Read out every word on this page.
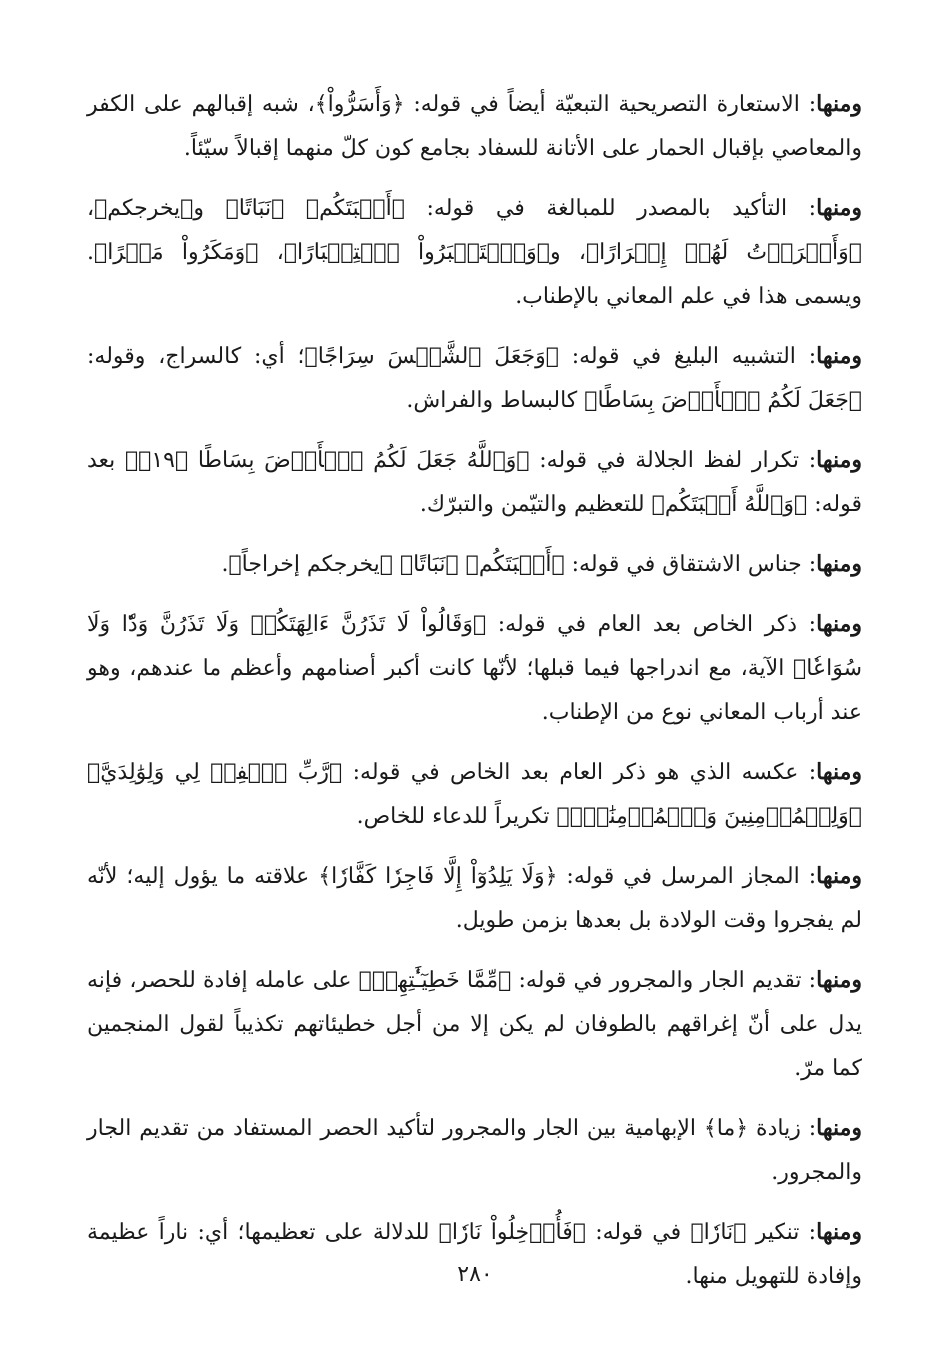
ومنها: الاستعارة التصريحية التبعيّة أيضاً في قوله: ﴿وَأَسَرُّواْ﴾، شبه إقبالهم على الكفر والمعاصي بإقبال الحمار على الأتانة للسفاد بجامع كون كلّ منهما إقبالاً سيّئاً.

ومنها: التأكيد بالمصدر للمبالغة في قوله: ﴿أَنۢبَتَكُم﴾ ﴿نَبَاتًا﴾ و﴿يخرجكم﴾، ﴿وَأَسۡرَرۡتُ لَهُمۡ إِسۡرَارًا﴾، و﴿وَٱسۡتَكۡبَرُواْ ٱسۡتِكۡبَارًا﴾، ﴿وَمَكَرُواْ مَكۡرًا﴾. ويسمى هذا في علم المعاني بالإطناب.

ومنها: التشبيه البليغ في قوله: ﴿وَجَعَلَ ٱلشَّمۡسَ سِرَاجًا﴾؛ أي: كالسراج، وقوله: ﴿جَعَلَ لَكُمُ ٱلۡأَرۡضَ بِسَاطًا﴾ كالبساط والفراش.

ومنها: تكرار لفظ الجلالة في قوله: ﴿وَٱللَّهُ جَعَلَ لَكُمُ ٱلۡأَرۡضَ بِسَاطًا ﴿١٩﴾﴾ بعد قوله: ﴿وَٱللَّهُ أَنۢبَتَكُم﴾ للتعظيم والتيّمن والتبرّك.

ومنها: جناس الاشتقاق في قوله: ﴿أَنۢبَتَكُم﴾ ﴿نَبَاتًا﴾ ﴿يخرجكم إخراجاً﴾.

ومنها: ذكر الخاص بعد العام في قوله: ﴿وَقَالُواْ لَا تَذَرُنَّ ءَالِهَتَكُمۡ وَلَا تَذَرُنَّ وَدّٗا وَلَا سُوَاعٗا﴾ الآية، مع اندراجها فيما قبلها؛ لأنّها كانت أكبر أصنامهم وأعظم ما عندهم، وهو عند أرباب المعاني نوع من الإطناب.

ومنها: عكسه الذي هو ذكر العام بعد الخاص في قوله: ﴿رَّبِّ ٱغۡفِرۡ لِي وَلِوَٰلِدَيَّ﴾ ﴿وَلِلۡمُؤۡمِنِينَ وَٱلۡمُؤۡمِنَٰتِۖ﴾ تكريراً للدعاء للخاص.

ومنها: المجاز المرسل في قوله: ﴿وَلَا يَلِدُوٓاْ إِلَّا فَاجِرٗا كَفَّارٗا﴾ علاقته ما يؤول إليه؛ لأنّه لم يفجروا وقت الولادة بل بعدها بزمن طويل.

ومنها: تقديم الجار والمجرور في قوله: ﴿مِّمَّا خَطِيٓـَٰٔتِهِمۡ﴾ على عامله إفادة للحصر، فإنه يدل على أنّ إغراقهم بالطوفان لم يكن إلا من أجل خطيئاتهم تكذيباً لقول المنجمين كما مرّ.

ومنها: زيادة ﴿ما﴾ الإبهامية بين الجار والمجرور لتأكيد الحصر المستفاد من تقديم الجار والمجرور.

ومنها: تنكير ﴿نَارٗا﴾ في قوله: ﴿فَأُدۡخِلُواْ نَارٗا﴾ للدلالة على تعظيمها؛ أي: ناراً عظيمة وإفادة للتهويل منها.

٢٨٠
